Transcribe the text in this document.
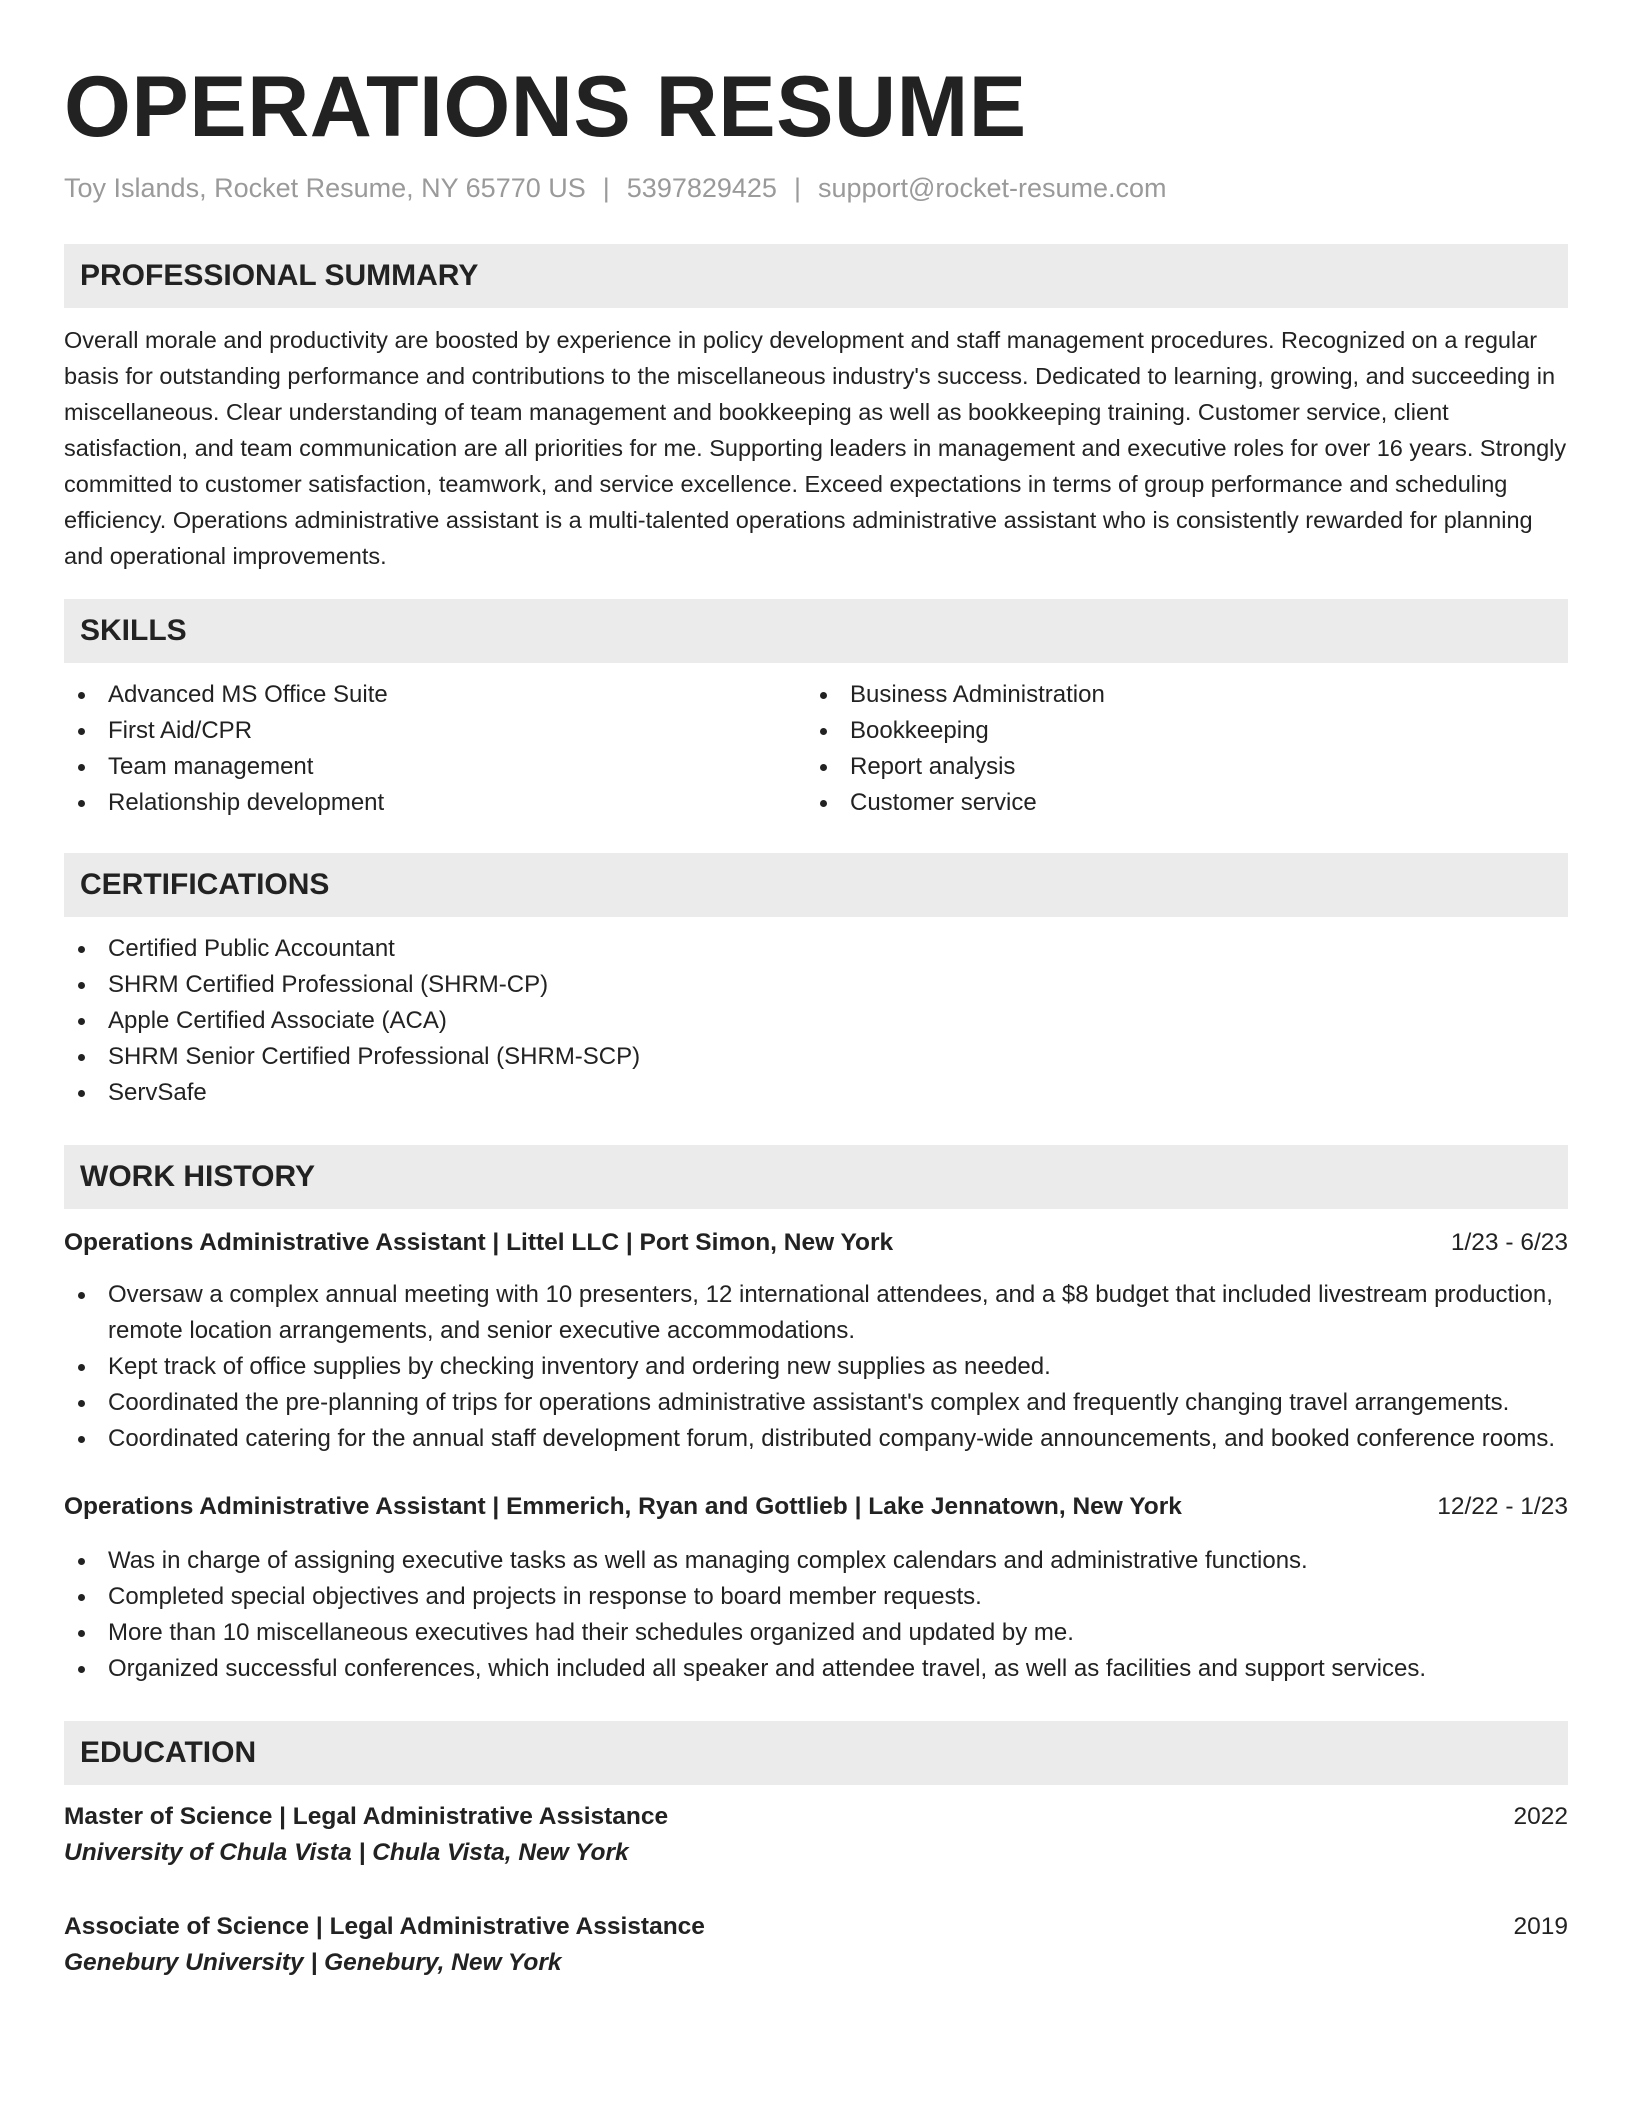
OPERATIONS RESUME
Toy Islands, Rocket Resume, NY 65770 US | 5397829425 | support@rocket-resume.com
PROFESSIONAL SUMMARY

Overall morale and productivity are boosted by experience in policy development and staff management procedures. Recognized on a regular basis for outstanding performance and contributions to the miscellaneous industry's success. Dedicated to learning, growing, and succeeding in miscellaneous. Clear understanding of team management and bookkeeping as well as bookkeeping training. Customer service, client satisfaction, and team communication are all priorities for me. Supporting leaders in management and executive roles for over 16 years. Strongly committed to customer satisfaction, teamwork, and service excellence. Exceed expectations in terms of group performance and scheduling efficiency. Operations administrative assistant is a multi-talented operations administrative assistant who is consistently rewarded for planning and operational improvements.

SKILLS
Advanced MS Office Suite
First Aid/CPR
Team management
Relationship development
Business Administration
Bookkeeping
Report analysis
Customer service
CERTIFICATIONS
Certified Public Accountant
SHRM Certified Professional (SHRM-CP)
Apple Certified Associate (ACA)
SHRM Senior Certified Professional (SHRM-SCP)
ServSafe
WORK HISTORY
Operations Administrative Assistant | Littel LLC | Port Simon, New York	1/23 - 6/23
Oversaw a complex annual meeting with 10 presenters, 12 international attendees, and a $8 budget that included livestream production, remote location arrangements, and senior executive accommodations.
Kept track of office supplies by checking inventory and ordering new supplies as needed.
Coordinated the pre-planning of trips for operations administrative assistant's complex and frequently changing travel arrangements.
Coordinated catering for the annual staff development forum, distributed company-wide announcements, and booked conference rooms.
Operations Administrative Assistant | Emmerich, Ryan and Gottlieb | Lake Jennatown, New York	12/22 - 1/23
Was in charge of assigning executive tasks as well as managing complex calendars and administrative functions.
Completed special objectives and projects in response to board member requests.
More than 10 miscellaneous executives had their schedules organized and updated by me.
Organized successful conferences, which included all speaker and attendee travel, as well as facilities and support services.
EDUCATION
Master of Science | Legal Administrative Assistance	2022
University of Chula Vista | Chula Vista, New York
Associate of Science | Legal Administrative Assistance	2019
Genebury University | Genebury, New York
